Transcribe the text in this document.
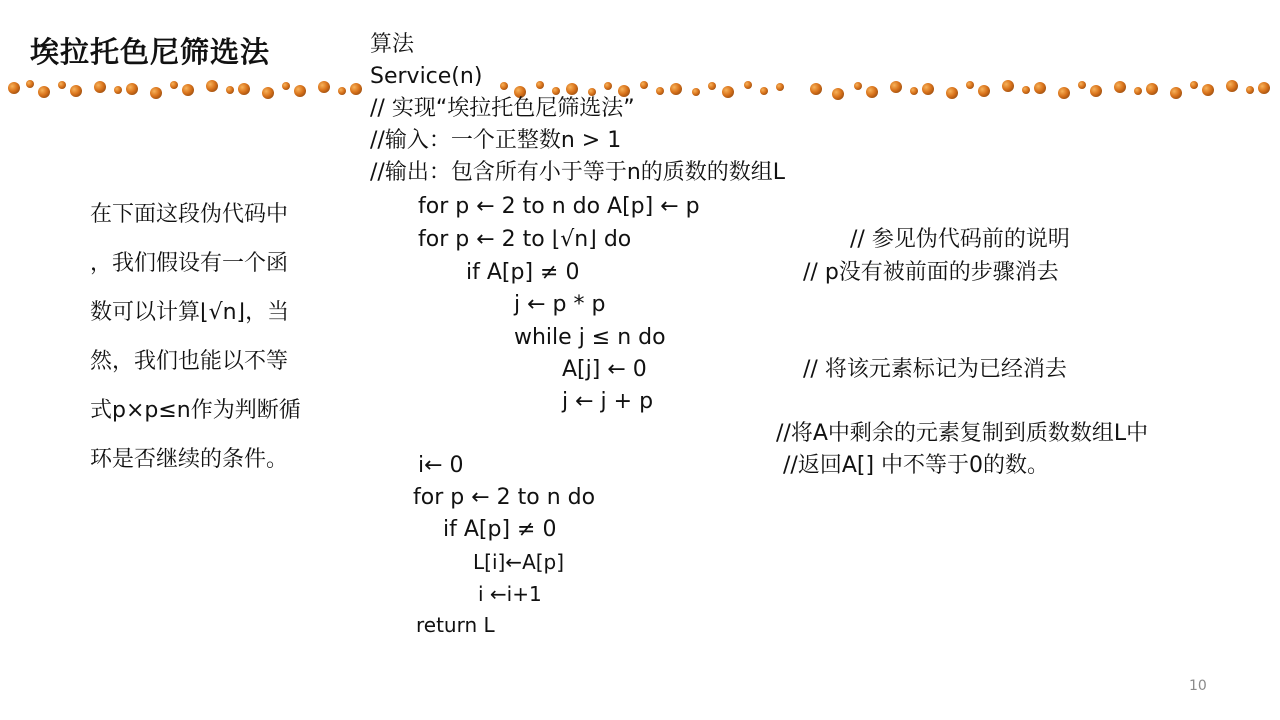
埃拉托色尼筛选法
在下面这段伪代码中
，我们假设有一个函
数可以计算⌊√n⌋，当
然，我们也能以不等
式p×p≤n作为判断循
环是否继续的条件。
算法
Service(n)
// 实现“埃拉托色尼筛选法”
//输入：一个正整数n > 1
//输出：包含所有小于等于n的质数的数组L
for p ← 2 to n do A[p] ← p
for p ← 2 to ⌊√n⌋ do
if A[p] ≠ 0
j ← p * p
while j ≤ n do
A[j] ← 0
j ← j + p
i← 0
for p ← 2 to n do
if A[p] ≠ 0
L[i]←A[p]
i ←i+1
return L
// 参见伪代码前的说明
// p没有被前面的步骤消去
// 将该元素标记为已经消去
//将A中剩余的元素复制到质数数组L中
//返回A[] 中不等于0的数。
10
